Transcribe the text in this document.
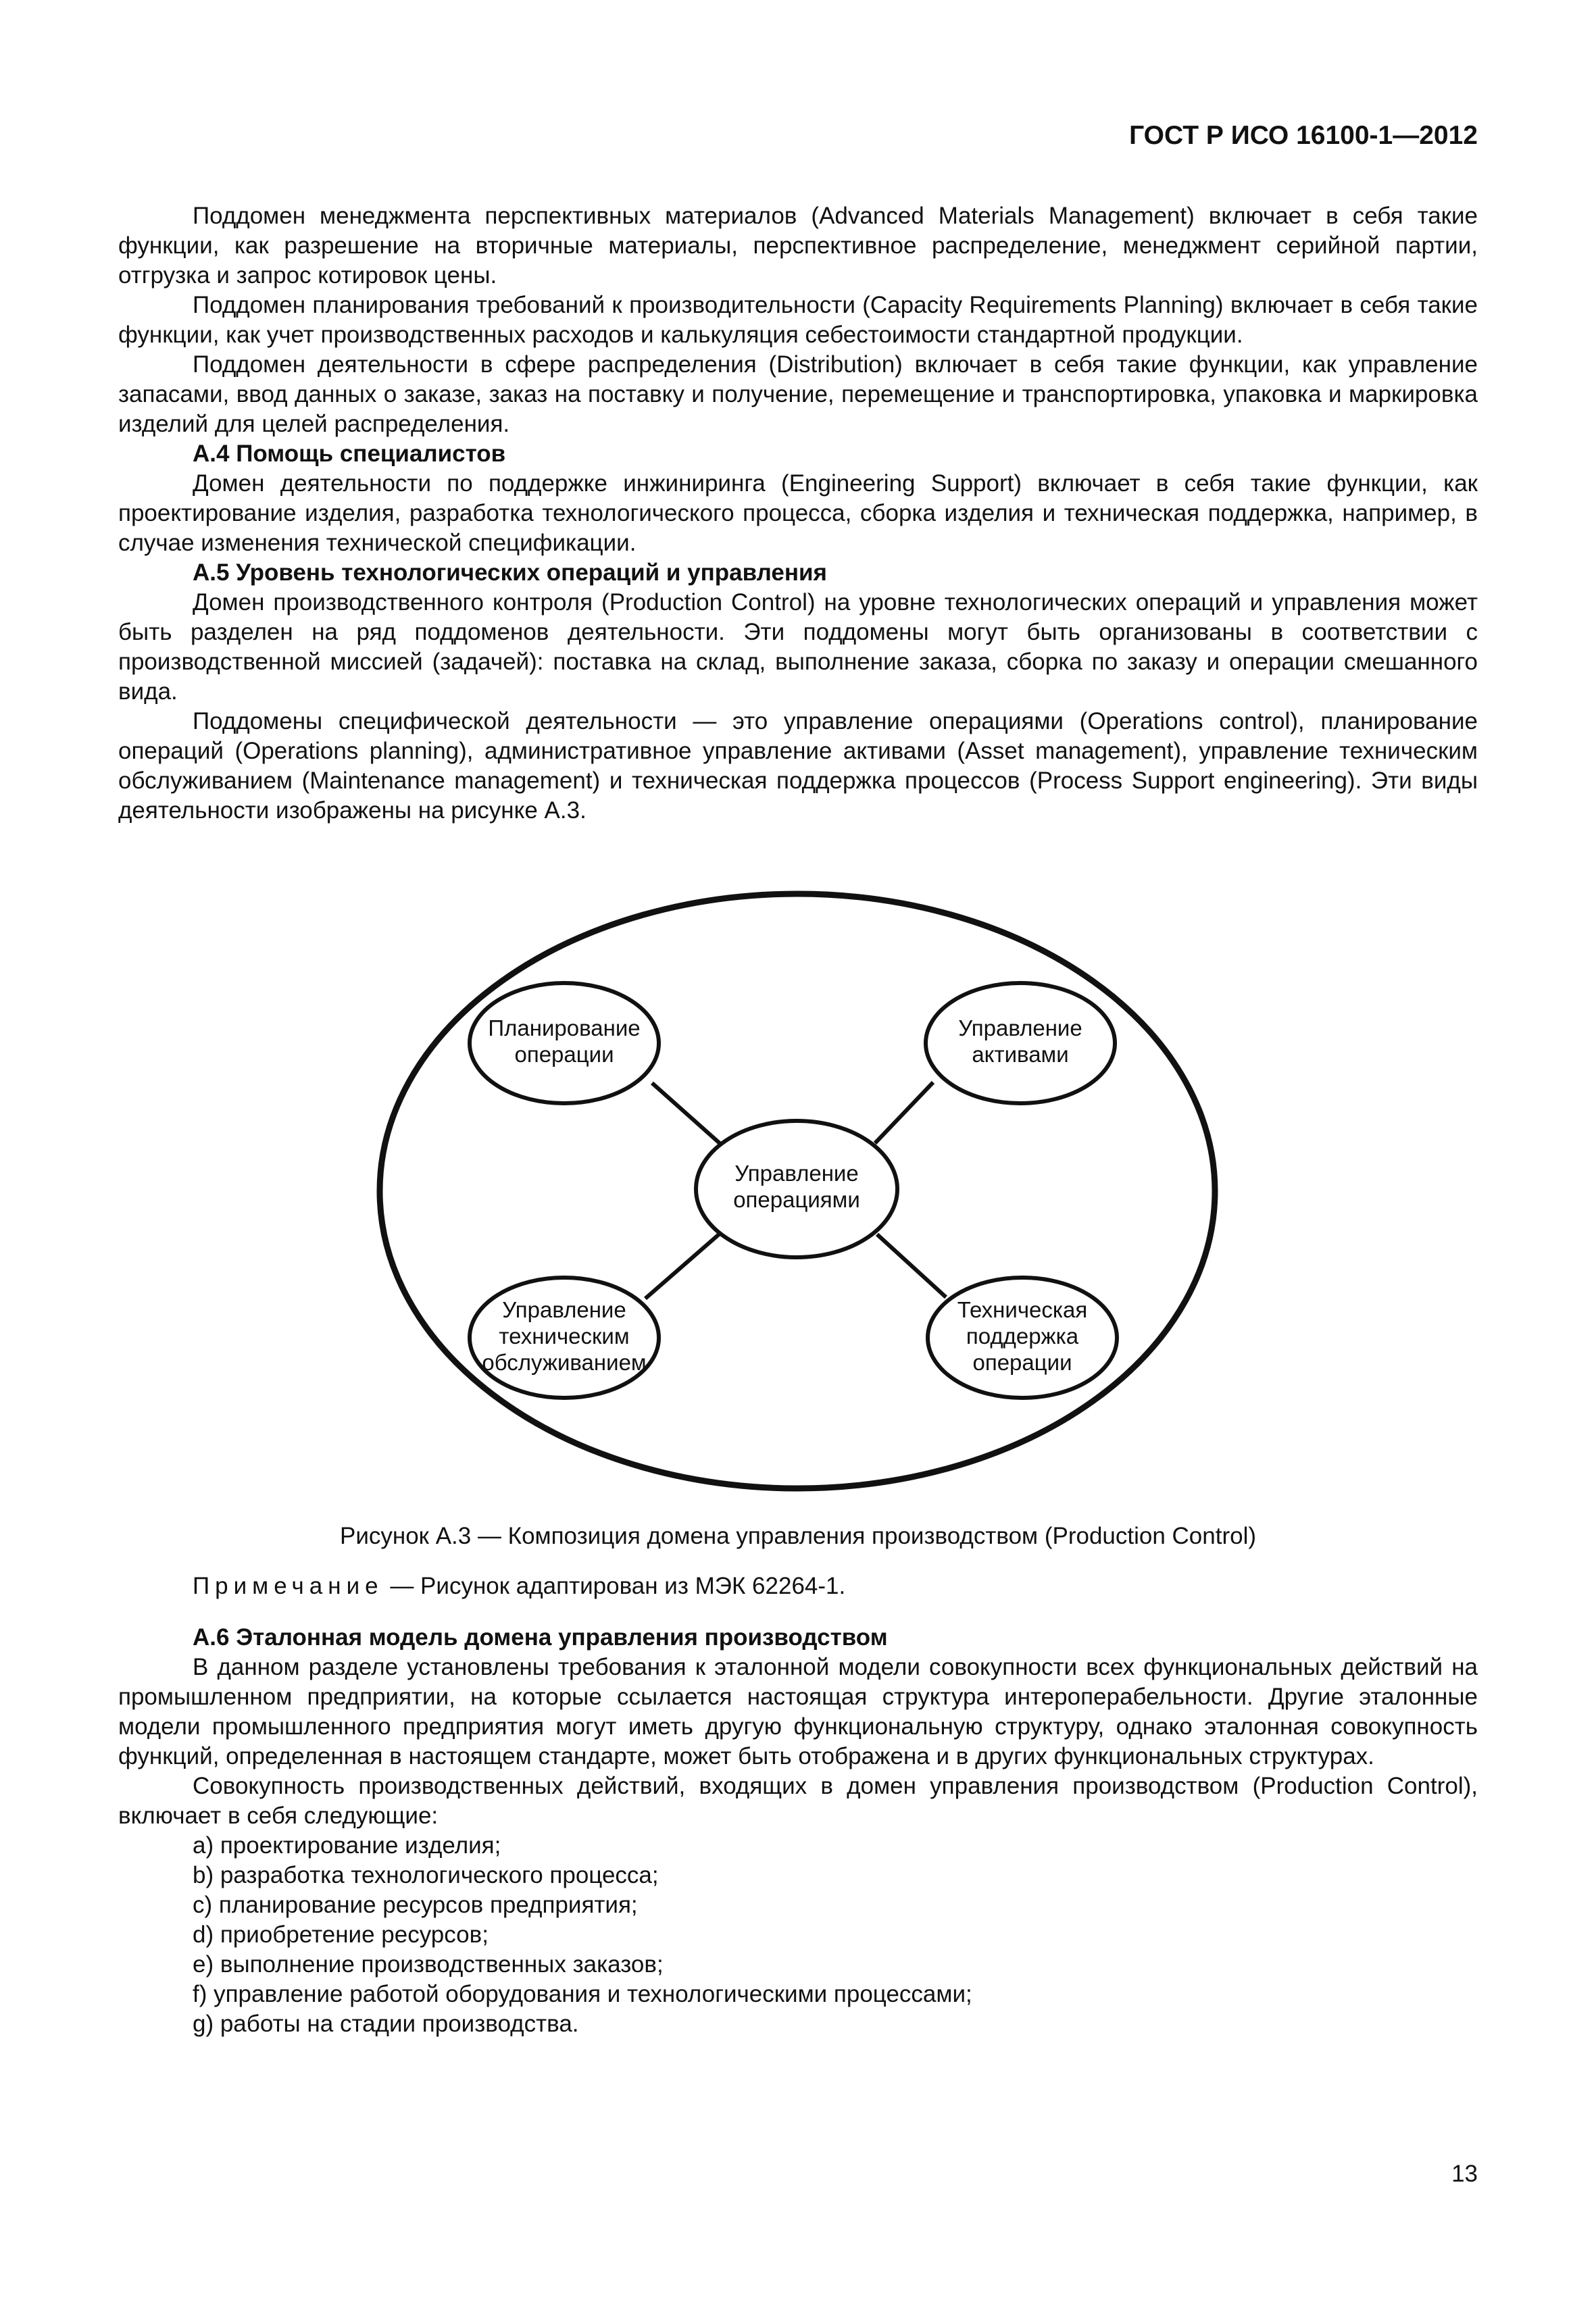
ГОСТ Р ИСО 16100-1—2012

Поддомен менеджмента перспективных материалов (Advanced Materials Management) включает в себя такие функции, как разрешение на вторичные материалы, перспективное распределение, менеджмент серийной партии, отгрузка и запрос котировок цены.

Поддомен планирования требований к производительности (Capacity Requirements Planning) включает в себя такие функции, как учет производственных расходов и калькуляция себестоимости стандартной продукции.

Поддомен деятельности в сфере распределения (Distribution) включает в себя такие функции, как управление запасами, ввод данных о заказе, заказ на поставку и получение, перемещение и транспортировка, упаковка и маркировка изделий для целей распределения.

А.4 Помощь специалистов

Домен деятельности по поддержке инжиниринга (Engineering Support) включает в себя такие функции, как проектирование изделия, разработка технологического процесса, сборка изделия и техническая поддержка, например, в случае изменения технической спецификации.

А.5 Уровень технологических операций и управления

Домен производственного контроля (Production Control) на уровне технологических операций и управления может быть разделен на ряд поддоменов деятельности. Эти поддомены могут быть организованы в соответствии с производственной миссией (задачей): поставка на склад, выполнение заказа, сборка по заказу и операции смешанного вида.

Поддомены специфической деятельности — это управление операциями (Operations control), планирование операций (Operations planning), административное управление активами (Asset management), управление техническим обслуживанием (Maintenance management) и техническая поддержка процессов (Process Support engineering). Эти виды деятельности изображены на рисунке А.3.

Управление
операциями
Планирование
операции
Управление
активами
Управление
техническим
обслуживанием
Техническая
поддержка
операции
Рисунок А.3 — Композиция домена управления производством (Production Control)
Примечание — Рисунок адаптирован из МЭК 62264-1.

А.6 Эталонная модель домена управления производством

В данном разделе установлены требования к эталонной модели совокупности всех функциональных действий на промышленном предприятии, на которые ссылается настоящая структура интероперабельности. Другие эталонные модели промышленного предприятия могут иметь другую функциональную структуру, однако эталонная совокупность функций, определенная в настоящем стандарте, может быть отображена и в других функциональных структурах.

Совокупность производственных действий, входящих в домен управления производством (Production Control), включает в себя следующие:

a) проектирование изделия;
b) разработка технологического процесса;
c) планирование ресурсов предприятия;
d) приобретение ресурсов;
e) выполнение производственных заказов;
f) управление работой оборудования и технологическими процессами;
g) работы на стадии производства.
13
